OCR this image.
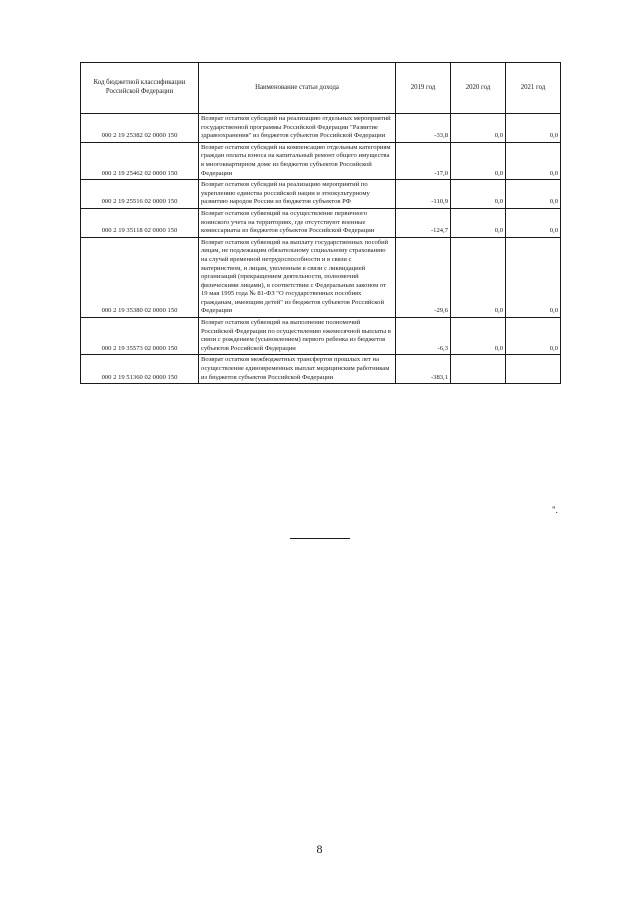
Код бюджетной классификации Российской Федерации	Наименование статьи дохода	2019 год	2020 год	2021 год
000 2 19 25382 02 0000 150	Возврат остатков субсидий на реализацию отдельных мероприятий государственной программы Российской Федерации "Развитие здравоохранения" из бюджетов субъектов Российской Федерации	-33,8	0,0	0,0
000 2 19 25462 02 0000 150	Возврат остатков субсидий на компенсацию отдельным категориям граждан оплаты взноса на капитальный ремонт общего имущества в многоквартирном доме из бюджетов субъектов Российской Федерации	-17,0	0,0	0,0
000 2 19 25516 02 0000 150	Возврат остатков субсидий на реализацию мероприятий по укреплению единства российской нации и этнокультурному развитию народов России из бюджетов субъектов РФ	-110,9	0,0	0,0
000 2 19 35118 02 0000 150	Возврат остатков субвенций на осуществление первичного воинского учета на территориях, где отсутствуют военные комиссариаты из бюджетов субъектов Российской Федерации	-124,7	0,0	0,0
000 2 19 35380 02 0000 150	Возврат остатков субвенций на выплату государственных пособий лицам, не подлежащим обязательному социальному страхованию на случай временной нетрудоспособности и в связи с материнством, и лицам, уволенным в связи с ликвидацией организаций (прекращением деятельности, полномочий физическими лицами), в соответствии с Федеральным законом от 19 мая 1995 года № 81-ФЗ "О государственных пособиях гражданам, имеющим детей" из бюджетов субъектов Российской Федерации	-29,6	0,0	0,0
000 2 19 35573 02 0000 150	Возврат остатков субвенций на выполнение полномочий Российской Федерации по осуществлению ежемесячной выплаты в связи с рождением (усыновлением) первого ребенка из бюджетов субъектов Российской Федерации	-6,3	0,0	0,0
000 2 19 51360 02 0000 150	Возврат остатков межбюджетных трансфертов прошлых лет на осуществление единовременных выплат медицинским работникам из бюджетов субъектов Российской Федерации	-383,1		
".
8
